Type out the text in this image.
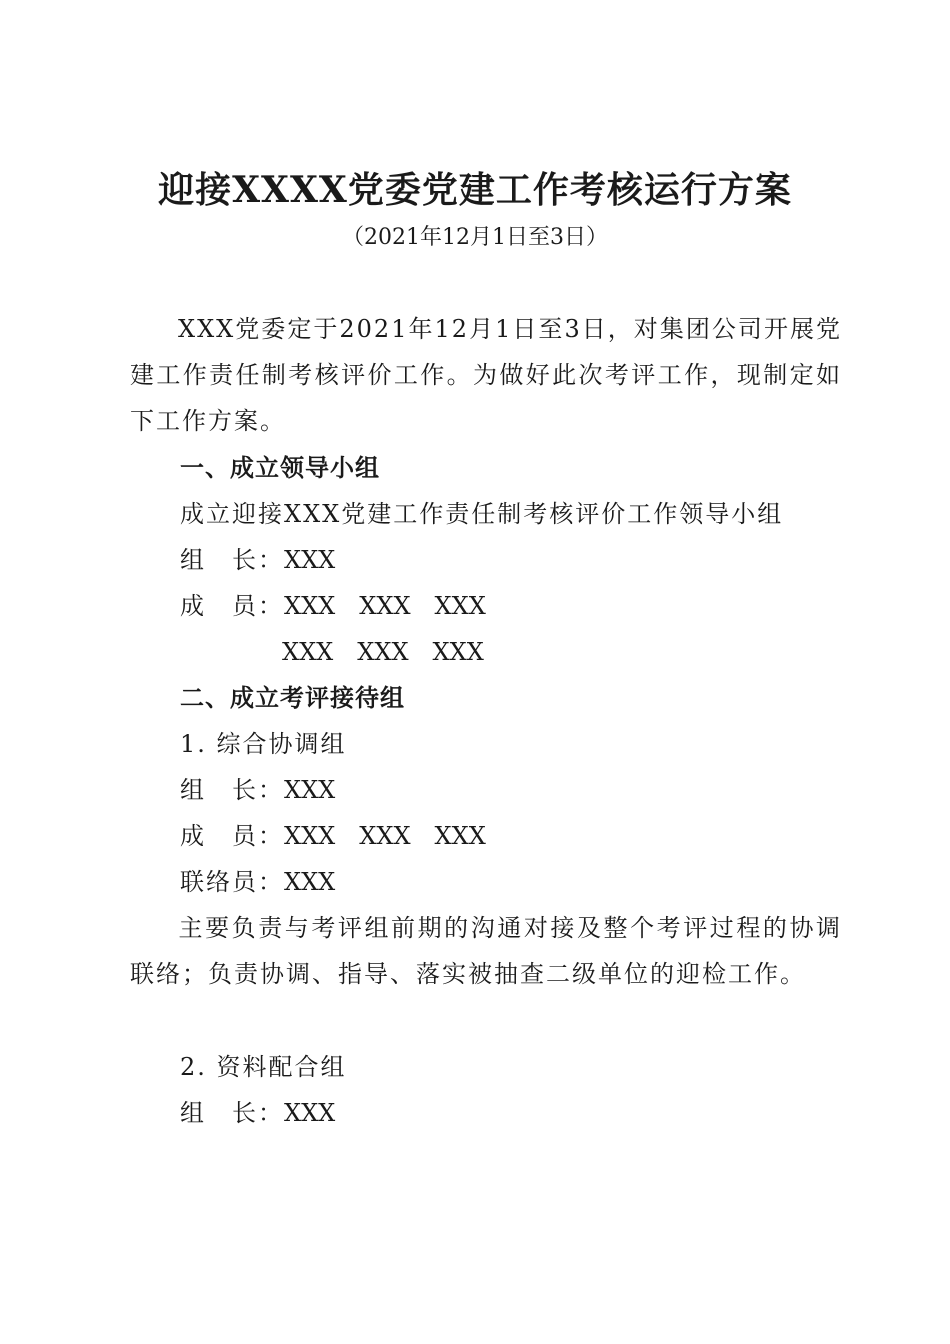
迎接XXXX党委党建工作考核运行方案
（2021年12月1日至3日）
XXX党委定于2021年12月1日至3日，对集团公司开展党建工作责任制考核评价工作。为做好此次考评工作，现制定如下工作方案。
一、成立领导小组
成立迎接XXX党建工作责任制考核评价工作领导小组
组　长：XXX
成　员：XXX XXX XXX
XXX XXX XXX
二、成立考评接待组
1. 综合协调组
组　长：XXX
成　员：XXX XXX XXX
联络员：XXX
主要负责与考评组前期的沟通对接及整个考评过程的协调联络；负责协调、指导、落实被抽查二级单位的迎检工作。
2. 资料配合组
组　长：XXX
